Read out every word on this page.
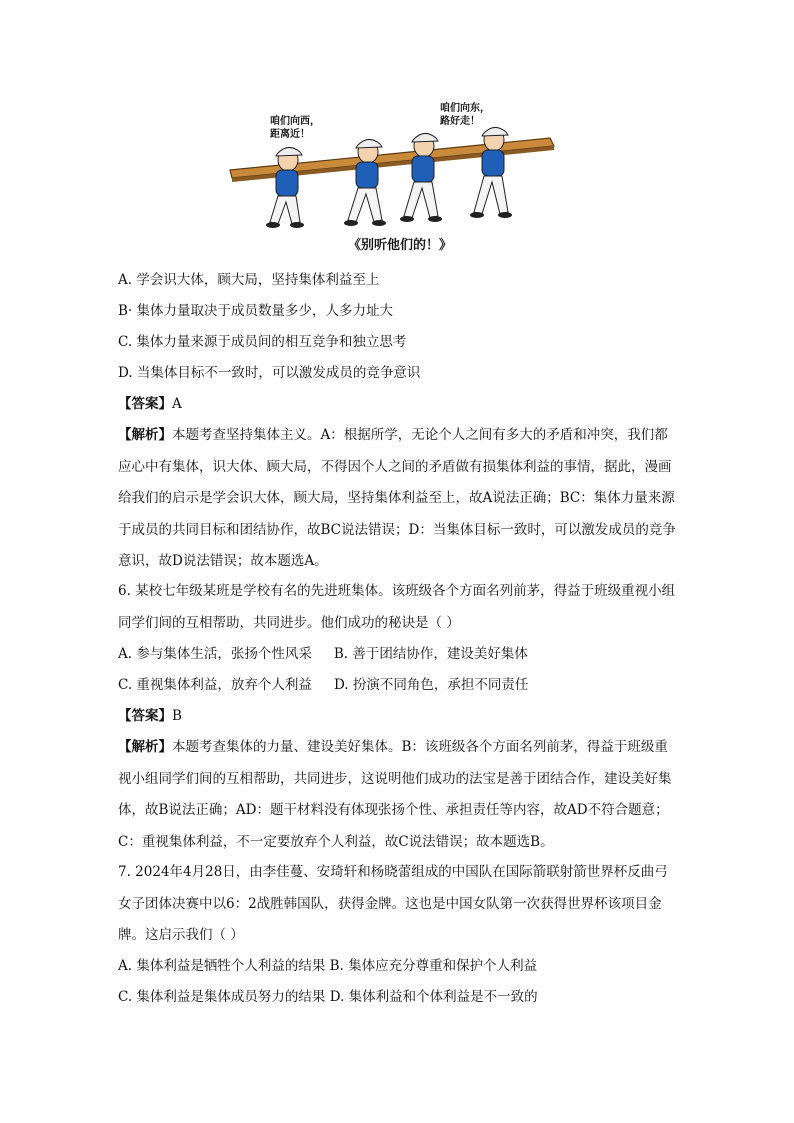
咱们向西，
距离近！
咱们向东，
路好走！
《别听他们的！》
A. 学会识大体，顾大局，坚持集体利益至上
B· 集体力量取决于成员数量多少，人多力址大
C. 集体力量来源于成员间的相互竞争和独立思考
D. 当集体目标不一致时，可以激发成员的竞争意识
【答案】A
【解析】本题考查坚持集体主义。A：根据所学，无论个人之间有多大的矛盾和冲突，我们都应心中有集体，识大体、顾大局，不得因个人之间的矛盾做有损集体利益的事情，据此，漫画给我们的启示是学会识大体，顾大局，坚持集体利益至上，故A说法正确；BC：集体力量来源于成员的共同目标和团结协作，故BC说法错误；D：当集体目标一致时，可以激发成员的竞争意识，故D说法错误；故本题选A。
6. 某校七年级某班是学校有名的先进班集体。该班级各个方面名列前茅，得益于班级重视小组同学们间的互相帮助，共同进步。他们成功的秘诀是（ ）
A. 参与集体生活，张扬个性风采 B. 善于团结协作，建设美好集体
C. 重视集体利益，放弃个人利益 D. 扮演不同角色，承担不同责任
【答案】B
【解析】本题考查集体的力量、建设美好集体。B：该班级各个方面名列前茅，得益于班级重视小组同学们间的互相帮助，共同进步，这说明他们成功的法宝是善于团结合作，建设美好集体，故B说法正确；AD：题干材料没有体现张扬个性、承担责任等内容，故AD不符合题意；C：重视集体利益，不一定要放弃个人利益，故C说法错误；故本题选B。
7. 2024年4月28日，由李佳蔓、安琦轩和杨晓蕾组成的中国队在国际箭联射箭世界杯反曲弓女子团体决赛中以6：2战胜韩国队，获得金牌。这也是中国女队第一次获得世界杯该项目金牌。这启示我们（ ）
A. 集体利益是牺牲个人利益的结果 B. 集体应充分尊重和保护个人利益
C. 集体利益是集体成员努力的结果 D. 集体利益和个体利益是不一致的
